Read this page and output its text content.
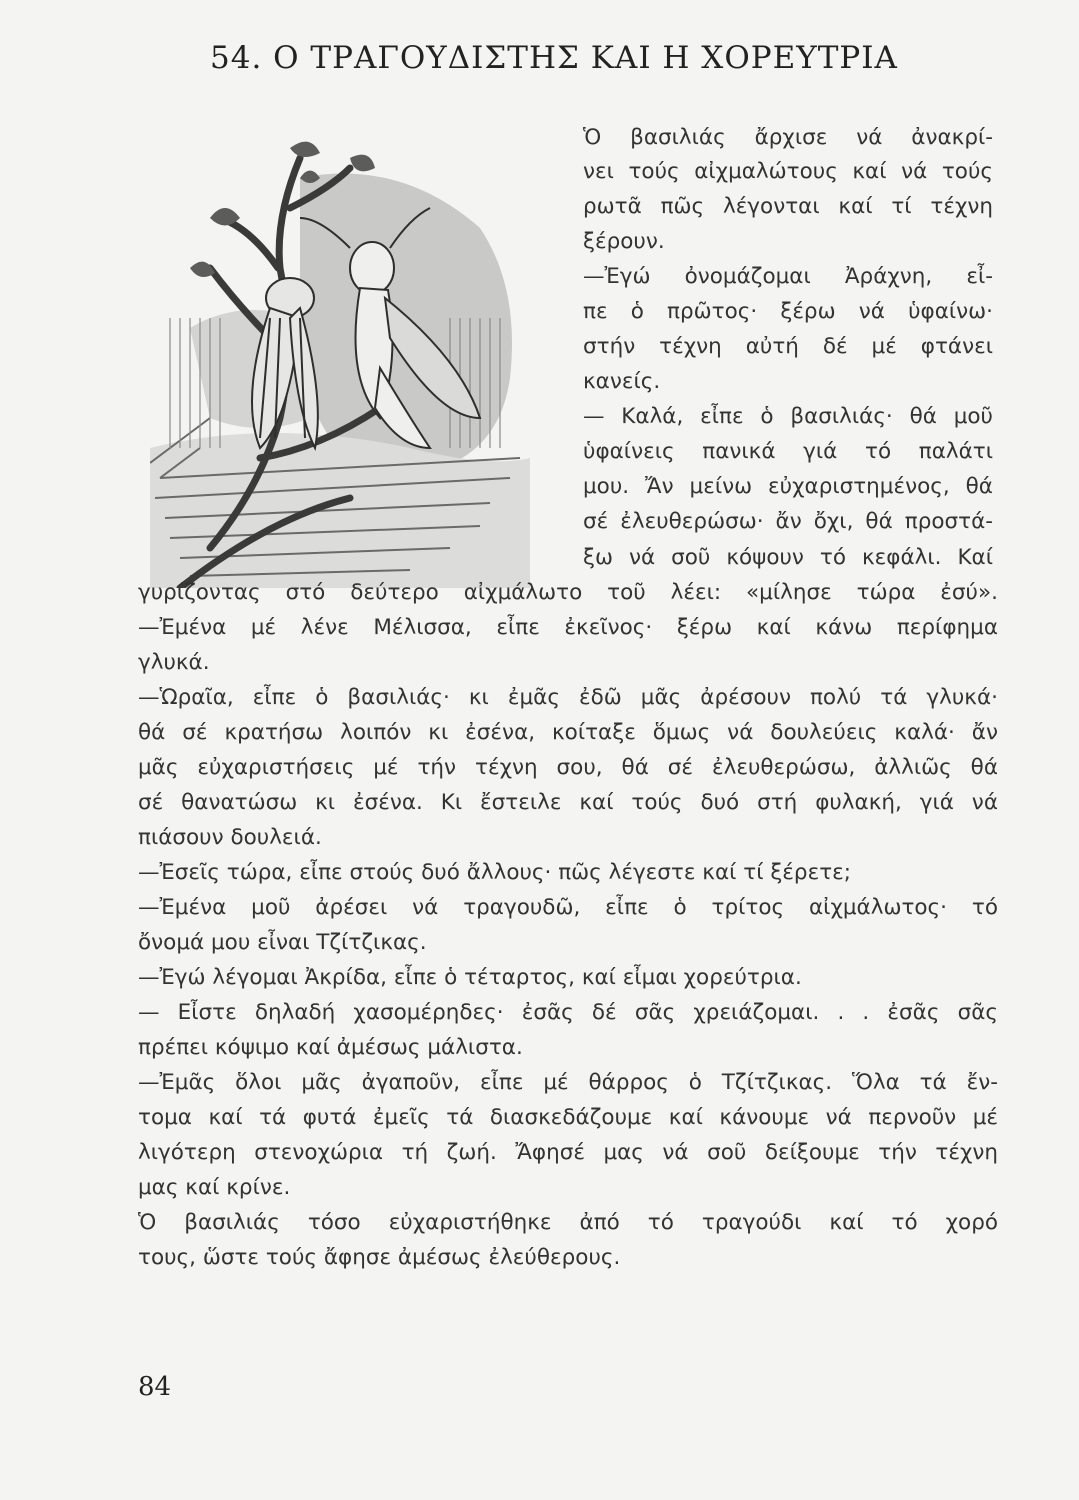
54. Ο ΤΡΑΓΟΥΔΙΣΤΗΣ ΚΑΙ Η ΧΟΡΕΥΤΡΙΑ
Ὁ βασιλιάς ἄρχισε νά ἀνακρί-
νει τούς αἰχμαλώτους καί νά τούς
ρωτᾶ πῶς λέγονται καί τί τέχνη
ξέρουν.
—Ἐγώ ὀνομάζομαι Ἀράχνη, εἶ-
πε ὁ πρῶτος· ξέρω νά ὑφαίνω·
στήν τέχνη αὐτή δέ μέ φτάνει
κανείς.
— Καλά, εἶπε ὁ βασιλιάς· θά μοῦ
ὑφαίνεις πανικά γιά τό παλάτι
μου. Ἄν μείνω εὐχαριστημένος, θά
σέ ἐλευθερώσω· ἄν ὄχι, θά προστά-
ξω νά σοῦ κόψουν τό κεφάλι. Καί
γυρίζοντας στό δεύτερο αἰχμάλωτο τοῦ λέει: «μίλησε τώρα ἐσύ».
—Ἐμένα μέ λένε Μέλισσα, εἶπε ἐκεῖνος· ξέρω καί κάνω περίφημα
γλυκά.
—Ὡραῖα, εἶπε ὁ βασιλιάς· κι ἐμᾶς ἐδῶ μᾶς ἀρέσουν πολύ τά γλυκά·
θά σέ κρατήσω λοιπόν κι ἐσένα, κοίταξε ὅμως νά δουλεύεις καλά· ἄν
μᾶς εὐχαριστήσεις μέ τήν τέχνη σου, θά σέ ἐλευθερώσω, ἀλλιῶς θά
σέ θανατώσω κι ἐσένα. Κι ἔστειλε καί τούς δυό στή φυλακή, γιά νά
πιάσουν δουλειά.
—Ἐσεῖς τώρα, εἶπε στούς δυό ἄλλους· πῶς λέγεστε καί τί ξέρετε;
—Ἐμένα μοῦ ἀρέσει νά τραγουδῶ, εἶπε ὁ τρίτος αἰχμάλωτος· τό
ὄνομά μου εἶναι Τζίτζικας.
—Ἐγώ λέγομαι Ἀκρίδα, εἶπε ὁ τέταρτος, καί εἶμαι χορεύτρια.
— Εἶστε δηλαδή χασομέρηδες· ἐσᾶς δέ σᾶς χρειάζομαι. . . ἐσᾶς σᾶς
πρέπει κόψιμο καί ἀμέσως μάλιστα.
—Ἐμᾶς ὅλοι μᾶς ἀγαποῦν, εἶπε μέ θάρρος ὁ Τζίτζικας. Ὅλα τά ἔν-
τομα καί τά φυτά ἐμεῖς τά διασκεδάζουμε καί κάνουμε νά περνοῦν μέ
λιγότερη στενοχώρια τή ζωή. Ἄφησέ μας νά σοῦ δείξουμε τήν τέχνη
μας καί κρίνε.
Ὁ βασιλιάς τόσο εὐχαριστήθηκε ἀπό τό τραγούδι καί τό χορό
τους, ὥστε τούς ἄφησε ἀμέσως ἐλεύθερους.
84
